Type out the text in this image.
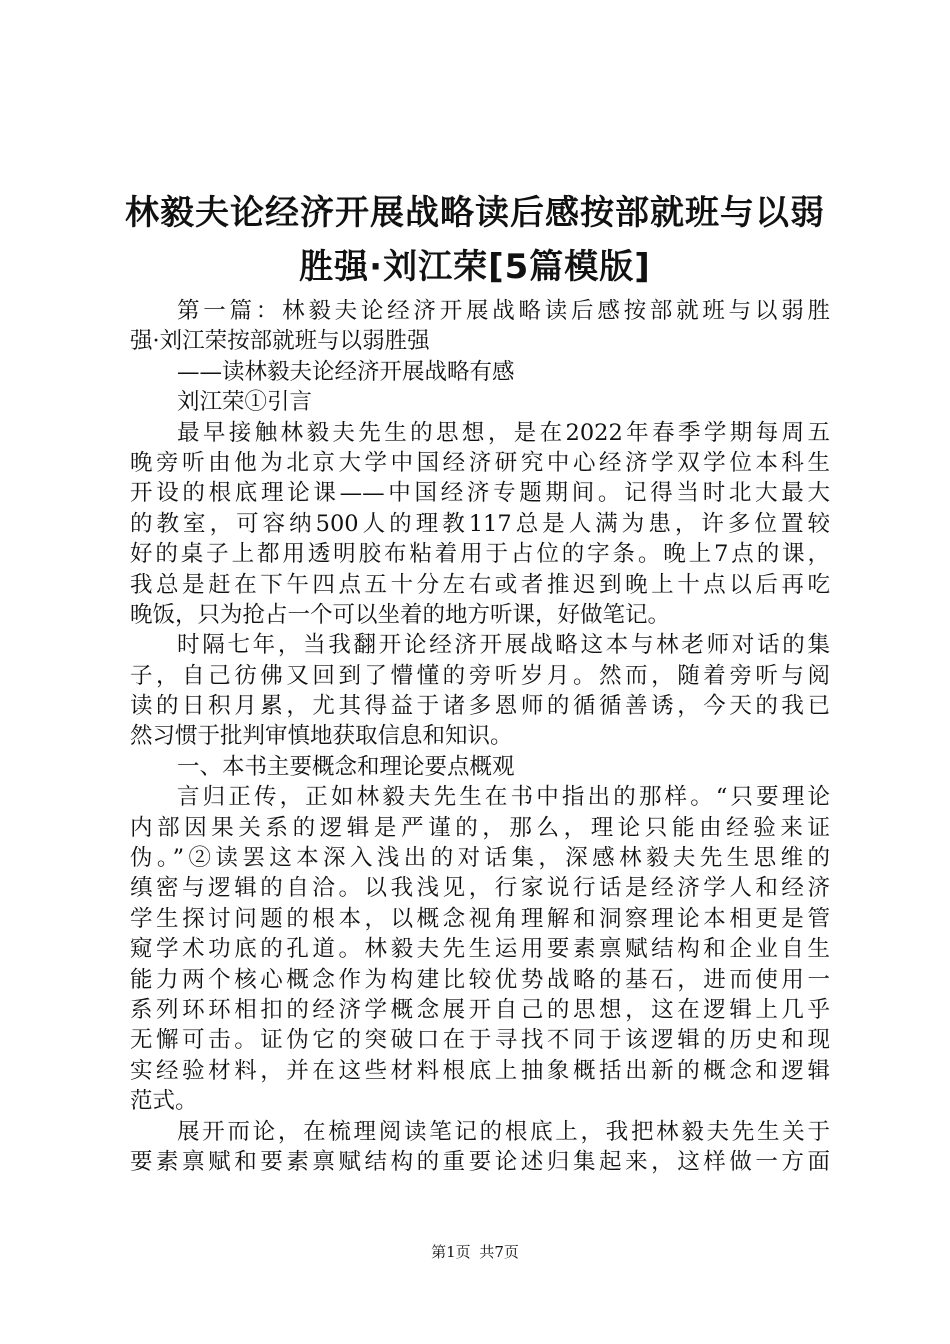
林毅夫论经济开展战略读后感按部就班与以弱
胜强·刘江荣[5篇模版]
第一篇：林毅夫论经济开展战略读后感按部就班与以弱胜
强·刘江荣按部就班与以弱胜强
——读林毅夫论经济开展战略有感
刘江荣①引言
最早接触林毅夫先生的思想，是在2022年春季学期每周五
晚旁听由他为北京大学中国经济研究中心经济学双学位本科生
开设的根底理论课——中国经济专题期间。记得当时北大最大
的教室，可容纳500人的理教117总是人满为患，许多位置较
好的桌子上都用透明胶布粘着用于占位的字条。晚上7点的课，
我总是赶在下午四点五十分左右或者推迟到晚上十点以后再吃
晚饭，只为抢占一个可以坐着的地方听课，好做笔记。
时隔七年，当我翻开论经济开展战略这本与林老师对话的集
子，自己彷佛又回到了懵懂的旁听岁月。然而，随着旁听与阅
读的日积月累，尤其得益于诸多恩师的循循善诱，今天的我已
然习惯于批判审慎地获取信息和知识。
一、本书主要概念和理论要点概观
言归正传，正如林毅夫先生在书中指出的那样。“只要理论
内部因果关系的逻辑是严谨的，那么，理论只能由经验来证
伪。”②读罢这本深入浅出的对话集，深感林毅夫先生思维的
缜密与逻辑的自洽。以我浅见，行家说行话是经济学人和经济
学生探讨问题的根本，以概念视角理解和洞察理论本相更是管
窥学术功底的孔道。林毅夫先生运用要素禀赋结构和企业自生
能力两个核心概念作为构建比较优势战略的基石，进而使用一
系列环环相扣的经济学概念展开自己的思想，这在逻辑上几乎
无懈可击。证伪它的突破口在于寻找不同于该逻辑的历史和现
实经验材料，并在这些材料根底上抽象概括出新的概念和逻辑
范式。
展开而论，在梳理阅读笔记的根底上，我把林毅夫先生关于
要素禀赋和要素禀赋结构的重要论述归集起来，这样做一方面
第1页 共7页
